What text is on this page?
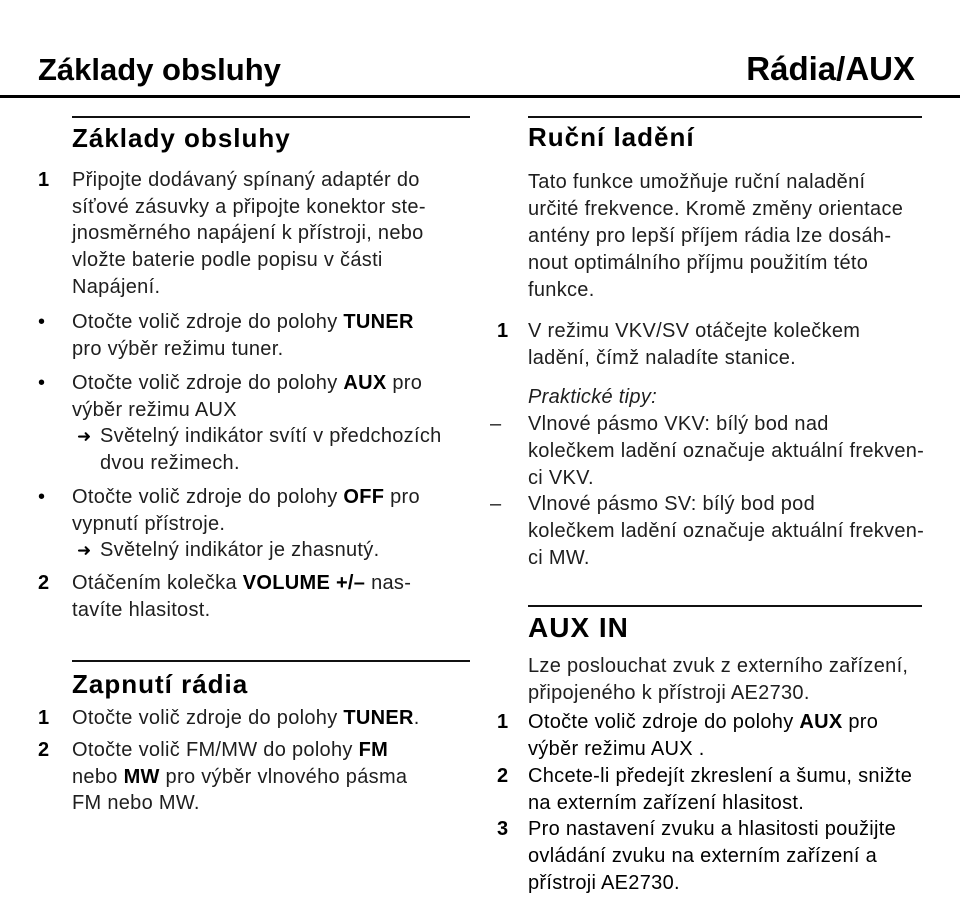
Základy obsluhy	Rádia/AUX
Základy obsluhy
1 Připojte dodávaný spínaný adaptér do
síťové zásuvky a připojte konektor ste-
jnosměrného napájení k přístroji, nebo
vložte baterie podle popisu v části
Napájení.
• Otočte volič zdroje do polohy TUNER
pro výběr režimu tuner.
• Otočte volič zdroje do polohy AUX pro
výběr režimu AUX
➜
Světelný indikátor svítí v předchozích
dvou režimech.
• Otočte volič zdroje do polohy OFF pro
vypnutí přístroje.
➜
Světelný indikátor je zhasnutý.
2 Otáčením kolečka VOLUME +/– nas-
tavíte hlasitost.
Zapnutí rádia
1 Otočte volič zdroje do polohy TUNER.
2 Otočte volič FM/MW do polohy FM
nebo MW pro výběr vlnového pásma
FM nebo MW.
Ruční ladění
Tato funkce umožňuje ruční naladění
určité frekvence. Kromě změny orientace
antény pro lepší příjem rádia lze dosáh-
nout optimálního příjmu použitím této
funkce.
1 V režimu VKV/SV otáčejte kolečkem
ladění, čímž naladíte stanice.
Praktické tipy:
– Vlnové pásmo VKV: bílý bod nad
kolečkem ladění označuje aktuální frekven-
ci VKV.
– Vlnové pásmo SV: bílý bod pod
kolečkem ladění označuje aktuální frekven-
ci MW.
AUX IN
Lze poslouchat zvuk z externího zařízení,
připojeného k přístroji AE2730.
1 Otočte volič zdroje do polohy AUX pro
výběr režimu AUX .
2 Chcete-li předejít zkreslení a šumu, snižte
na externím zařízení hlasitost.
3 Pro nastavení zvuku a hlasitosti použijte
ovládání zvuku na externím zařízení a
přístroji AE2730.
